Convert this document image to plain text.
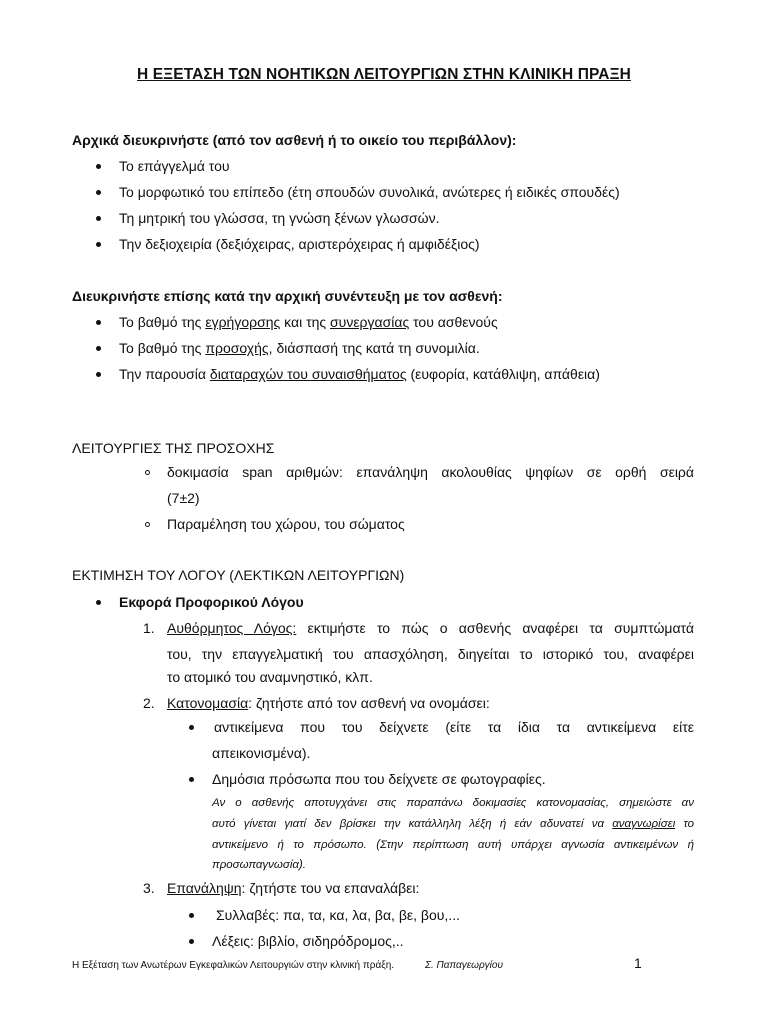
Η ΕΞΕΤΑΣΗ ΤΩΝ ΝΟΗΤΙΚΩΝ ΛΕΙΤΟΥΡΓΙΩΝ ΣΤΗΝ ΚΛΙΝΙΚΗ ΠΡΑΞΗ
Αρχικά διευκρινήστε (από τον ασθενή ή το οικείο του περιβάλλον):
Το επάγγελμά του
Το μορφωτικό του επίπεδο (έτη σπουδών συνολικά, ανώτερες ή ειδικές σπουδές)
Τη μητρική του γλώσσα, τη γνώση ξένων γλωσσών.
Την δεξιοχειρία (δεξιόχειρας, αριστερόχειρας ή αμφιδέξιος)
Διευκρινήστε επίσης κατά την αρχική συνέντευξη με τον ασθενή:
Το βαθμό της εγρήγορσης και της συνεργασίας του ασθενούς
Το βαθμό της προσοχής, διάσπασή της κατά τη συνομιλία.
Την παρουσία διαταραχών του συναισθήματος (ευφορία, κατάθλιψη, απάθεια)
ΛΕΙΤΟΥΡΓΙΕΣ ΤΗΣ ΠΡΟΣΟΧΗΣ
δοκιμασία span αριθμών: επανάληψη ακολουθίας ψηφίων σε ορθή σειρά
(7±2)
Παραμέληση του χώρου, του σώματος
ΕΚΤΙΜΗΣΗ ΤΟΥ ΛΟΓΟΥ (ΛΕΚΤΙΚΩΝ ΛΕΙΤΟΥΡΓΙΩΝ)
Εκφορά Προφορικού Λόγου
1. Αυθόρμητος Λόγος: εκτιμήστε το πώς ο ασθενής αναφέρει τα συμπτώματά
του, την επαγγελματική του απασχόληση, διηγείται το ιστορικό του, αναφέρει
το ατομικό του αναμνηστικό, κλπ.
2. Κατονομασία: ζητήστε από τον ασθενή να ονομάσει:
αντικείμενα που του δείχνετε (είτε τα ίδια τα αντικείμενα είτε
απεικονισμένα).
Δημόσια πρόσωπα που του δείχνετε σε φωτογραφίες.
Αν ο ασθενής αποτυγχάνει στις παραπάνω δοκιμασίες κατονομασίας, σημειώστε αν
αυτό γίνεται γιατί δεν βρίσκει την κατάλληλη λέξη ή εάν αδυνατεί να αναγνωρίσει το
αντικείμενο ή το πρόσωπο. (Στην περίπτωση αυτή υπάρχει αγνωσία αντικειμένων ή
προσωπαγνωσία).
3. Επανάληψη: ζητήστε του να επαναλάβει:
Συλλαβές: πα, τα, κα, λα, βα, βε, βου,...
Λέξεις: βιβλίο, σιδηρόδρομος,..
Η Εξέταση των Ανωτέρων Εγκεφαλικών Λειτουργιών στην κλινική πράξη.	Σ. Παπαγεωργίου	1
